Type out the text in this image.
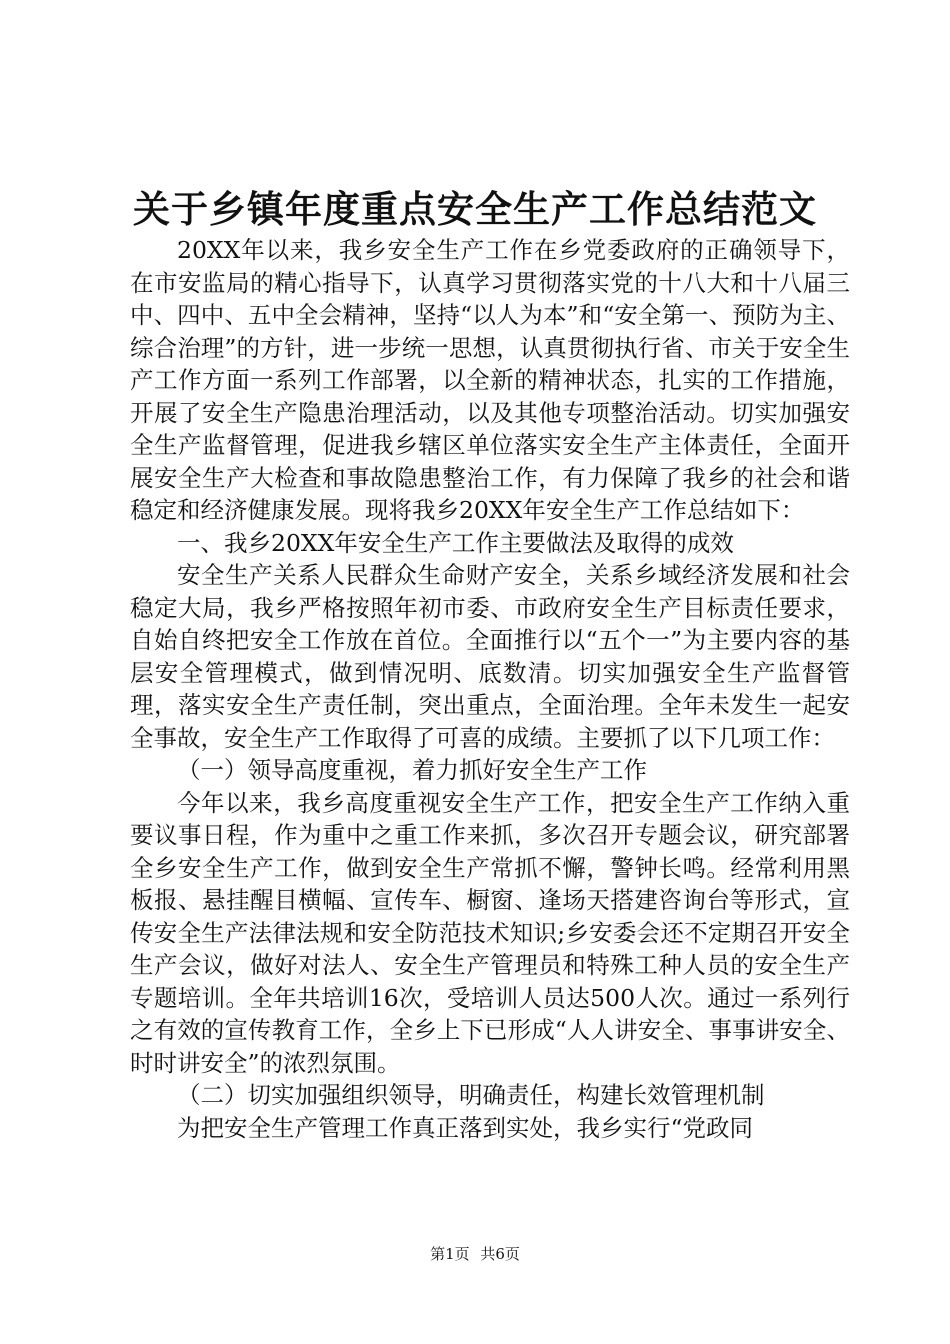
关于乡镇年度重点安全生产工作总结范文

20XX年以来，我乡安全生产工作在乡党委政府的正确领导下，在市安监局的精心指导下，认真学习贯彻落实党的十八大和十八届三中、四中、五中全会精神，坚持“以人为本”和“安全第一、预防为主、综合治理”的方针，进一步统一思想，认真贯彻执行省、市关于安全生产工作方面一系列工作部署，以全新的精神状态，扎实的工作措施，开展了安全生产隐患治理活动，以及其他专项整治活动。切实加强安全生产监督管理，促进我乡辖区单位落实安全生产主体责任，全面开展安全生产大检查和事故隐患整治工作，有力保障了我乡的社会和谐稳定和经济健康发展。现将我乡20XX年安全生产工作总结如下：

一、我乡20XX年安全生产工作主要做法及取得的成效

安全生产关系人民群众生命财产安全，关系乡域经济发展和社会稳定大局，我乡严格按照年初市委、市政府安全生产目标责任要求，自始自终把安全工作放在首位。全面推行以“五个一”为主要内容的基层安全管理模式，做到情况明、底数清。切实加强安全生产监督管理，落实安全生产责任制，突出重点，全面治理。全年未发生一起安全事故，安全生产工作取得了可喜的成绩。主要抓了以下几项工作：

（一）领导高度重视，着力抓好安全生产工作

今年以来，我乡高度重视安全生产工作，把安全生产工作纳入重要议事日程，作为重中之重工作来抓，多次召开专题会议，研究部署全乡安全生产工作，做到安全生产常抓不懈，警钟长鸣。经常利用黑板报、悬挂醒目横幅、宣传车、橱窗、逢场天搭建咨询台等形式，宣传安全生产法律法规和安全防范技术知识;乡安委会还不定期召开安全生产会议，做好对法人、安全生产管理员和特殊工种人员的安全生产专题培训。全年共培训16次，受培训人员达500人次。通过一系列行之有效的宣传教育工作，全乡上下已形成“人人讲安全、事事讲安全、时时讲安全”的浓烈氛围。

（二）切实加强组织领导，明确责任，构建长效管理机制

为把安全生产管理工作真正落到实处，我乡实行“党政同

第1页 共6页
